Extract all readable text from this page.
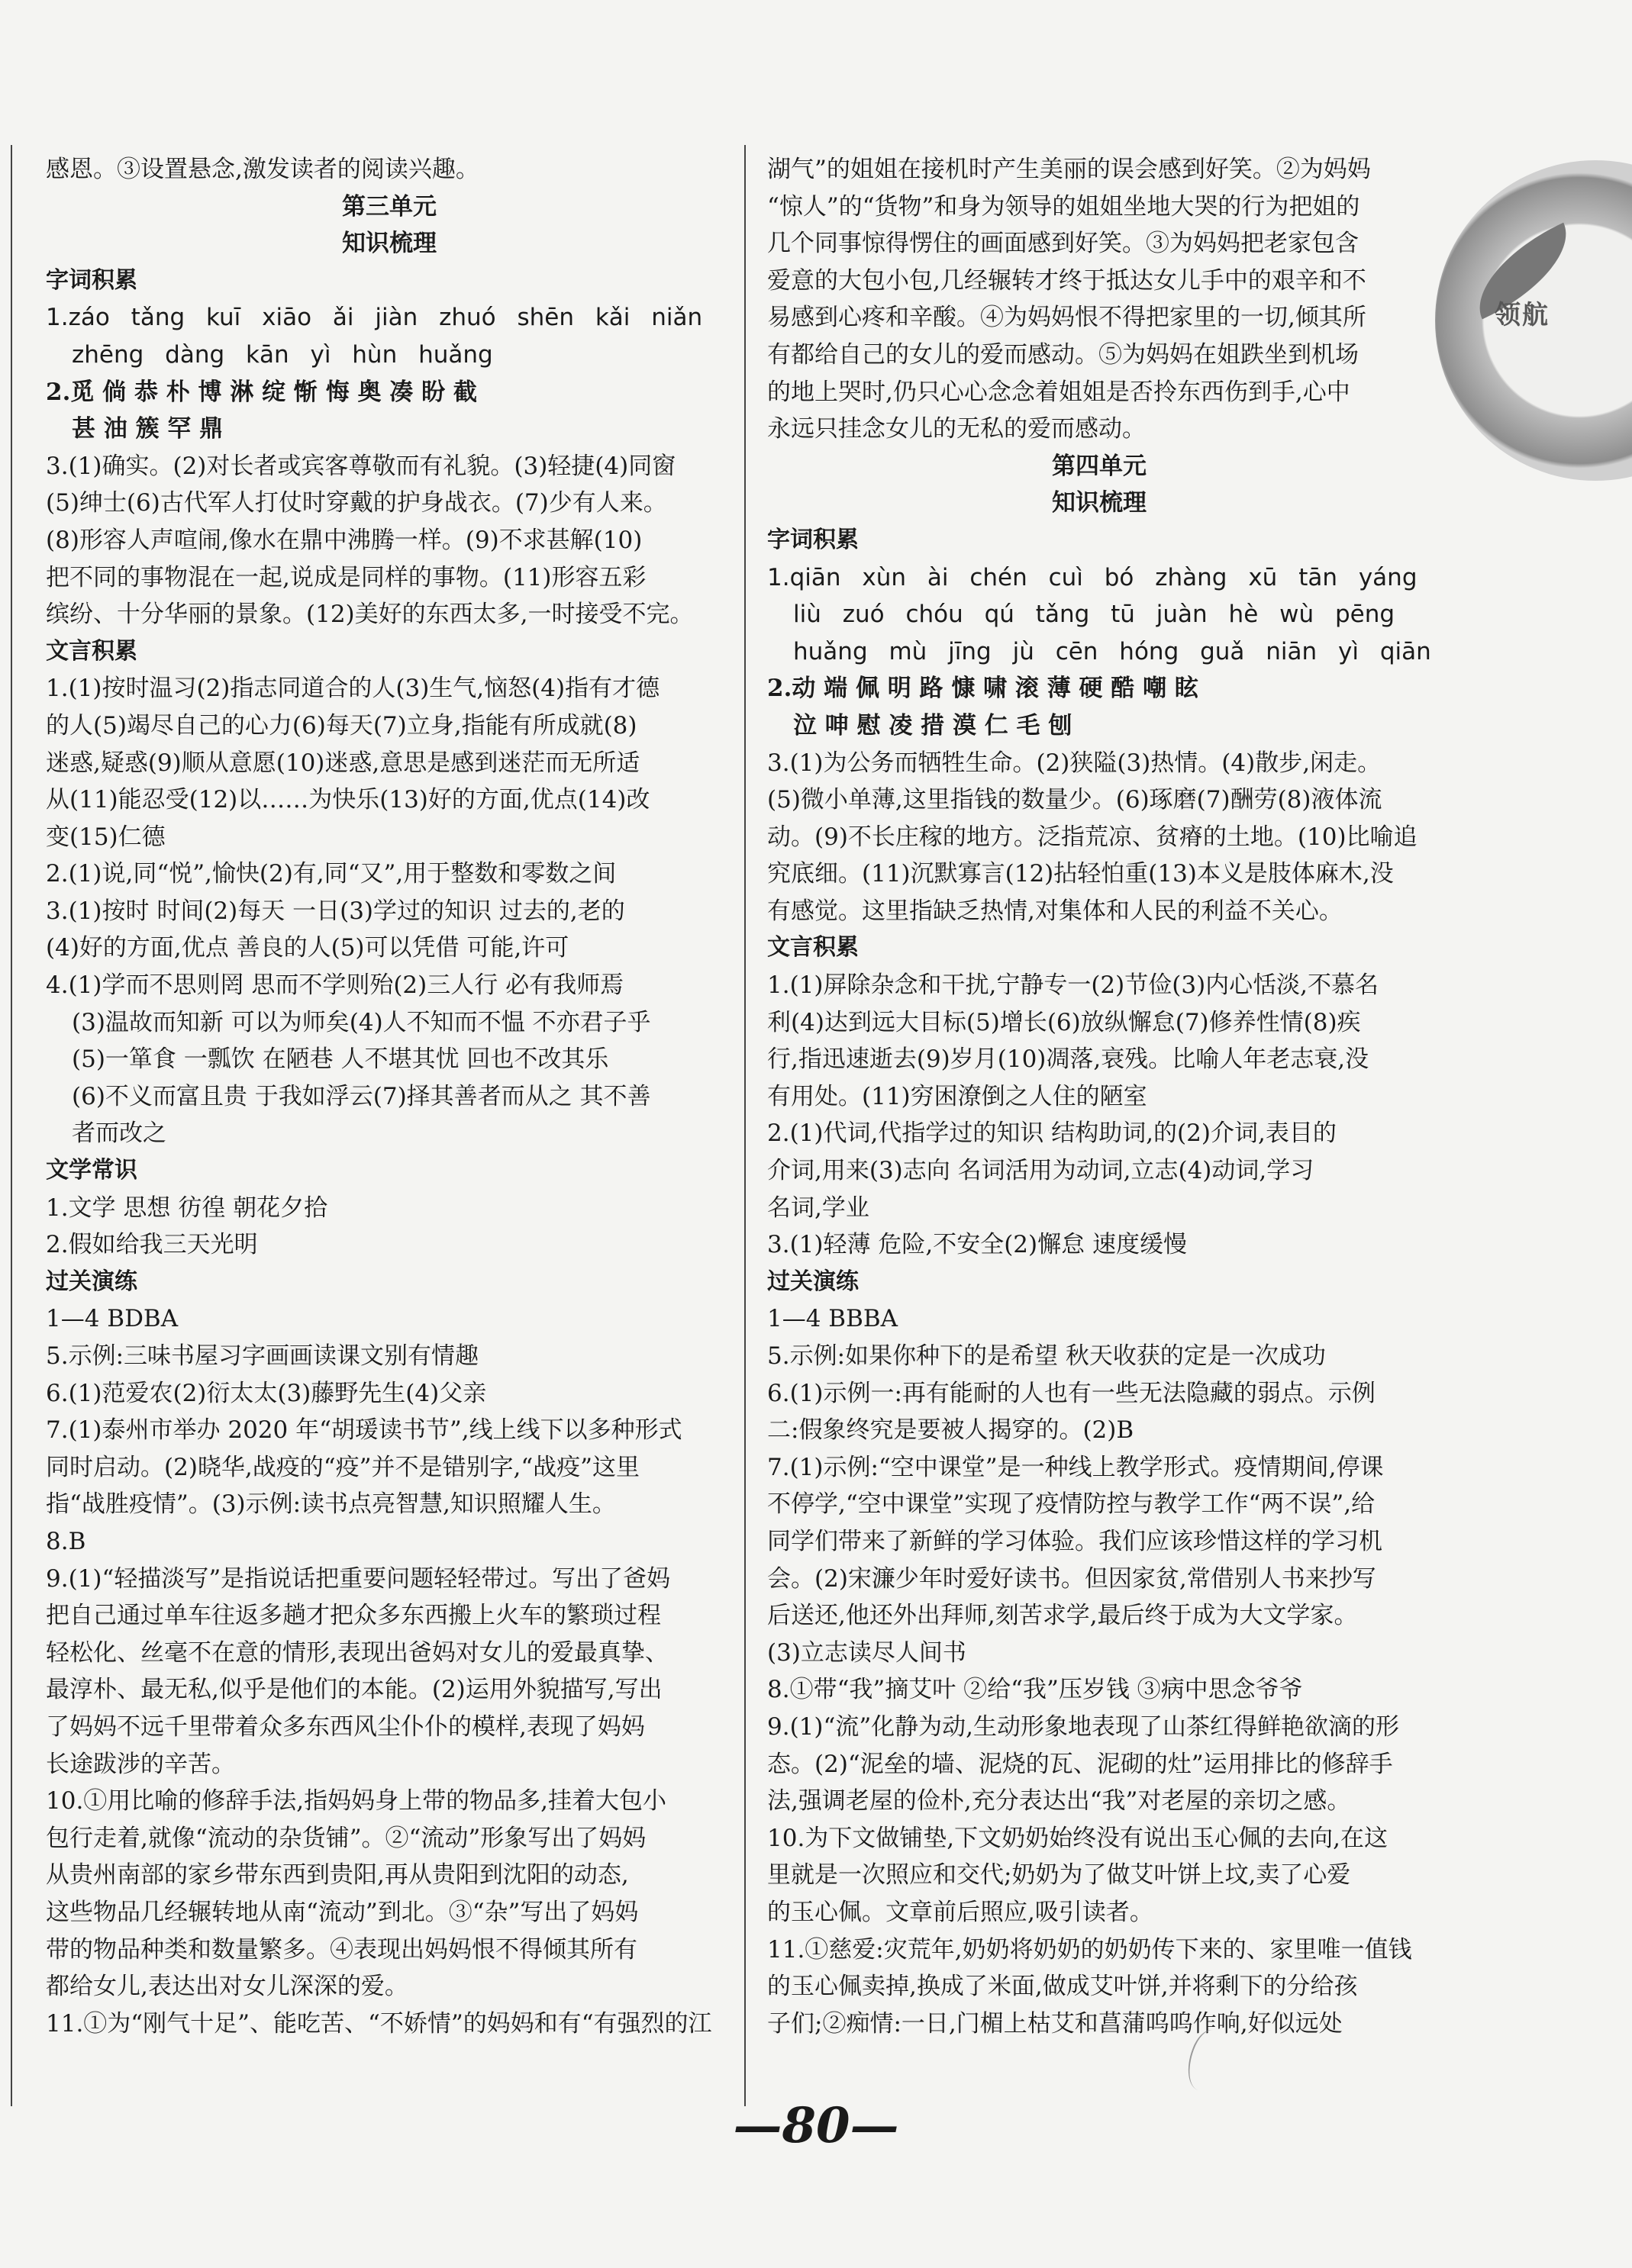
感恩。③设置悬念,激发读者的阅读兴趣。
第三单元
知识梳理
字词积累
1.záo tǎng kuī xiāo ǎi jiàn zhuó shēn kǎi niǎn
zhēng dàng kān yì hùn huǎng
2.觅 倘 恭 朴 博 淋 绽 惭 悔 奥 凑 盼 截
甚 油 簇 罕 鼎
3.(1)确实。(2)对长者或宾客尊敬而有礼貌。(3)轻捷(4)同窗
(5)绅士(6)古代军人打仗时穿戴的护身战衣。(7)少有人来。
(8)形容人声喧闹,像水在鼎中沸腾一样。(9)不求甚解(10)
把不同的事物混在一起,说成是同样的事物。(11)形容五彩
缤纷、十分华丽的景象。(12)美好的东西太多,一时接受不完。
文言积累
1.(1)按时温习(2)指志同道合的人(3)生气,恼怒(4)指有才德
的人(5)竭尽自己的心力(6)每天(7)立身,指能有所成就(8)
迷惑,疑惑(9)顺从意愿(10)迷惑,意思是感到迷茫而无所适
从(11)能忍受(12)以……为快乐(13)好的方面,优点(14)改
变(15)仁德
2.(1)说,同“悦”,愉快(2)有,同“又”,用于整数和零数之间
3.(1)按时 时间(2)每天 一日(3)学过的知识 过去的,老的
(4)好的方面,优点 善良的人(5)可以凭借 可能,许可
4.(1)学而不思则罔 思而不学则殆(2)三人行 必有我师焉
(3)温故而知新 可以为师矣(4)人不知而不愠 不亦君子乎
(5)一箪食 一瓢饮 在陋巷 人不堪其忧 回也不改其乐
(6)不义而富且贵 于我如浮云(7)择其善者而从之 其不善
者而改之
文学常识
1.文学 思想 彷徨 朝花夕拾
2.假如给我三天光明
过关演练
1—4 BDBA
5.示例:三味书屋习字画画读课文别有情趣
6.(1)范爱农(2)衍太太(3)藤野先生(4)父亲
7.(1)泰州市举办 2020 年“胡瑗读书节”,线上线下以多种形式
同时启动。(2)晓华,战疫的“疫”并不是错别字,“战疫”这里
指“战胜疫情”。(3)示例:读书点亮智慧,知识照耀人生。
8.B
9.(1)“轻描淡写”是指说话把重要问题轻轻带过。写出了爸妈
把自己通过单车往返多趟才把众多东西搬上火车的繁琐过程
轻松化、丝毫不在意的情形,表现出爸妈对女儿的爱最真挚、
最淳朴、最无私,似乎是他们的本能。(2)运用外貌描写,写出
了妈妈不远千里带着众多东西风尘仆仆的模样,表现了妈妈
长途跋涉的辛苦。
10.①用比喻的修辞手法,指妈妈身上带的物品多,挂着大包小
包行走着,就像“流动的杂货铺”。②“流动”形象写出了妈妈
从贵州南部的家乡带东西到贵阳,再从贵阳到沈阳的动态,
这些物品几经辗转地从南“流动”到北。③“杂”写出了妈妈
带的物品种类和数量繁多。④表现出妈妈恨不得倾其所有
都给女儿,表达出对女儿深深的爱。
11.①为“刚气十足”、能吃苦、“不娇情”的妈妈和有“有强烈的江
湖气”的姐姐在接机时产生美丽的误会感到好笑。②为妈妈
“惊人”的“货物”和身为领导的姐姐坐地大哭的行为把姐的
几个同事惊得愣住的画面感到好笑。③为妈妈把老家包含
爱意的大包小包,几经辗转才终于抵达女儿手中的艰辛和不
易感到心疼和辛酸。④为妈妈恨不得把家里的一切,倾其所
有都给自己的女儿的爱而感动。⑤为妈妈在姐跌坐到机场
的地上哭时,仍只心心念念着姐姐是否拎东西伤到手,心中
永远只挂念女儿的无私的爱而感动。
第四单元
知识梳理
字词积累
1.qiān xùn ài chén cuì bó zhàng xū tān yáng
liù zuó chóu qú tǎng tū juàn hè wù pēng
huǎng mù jīng jù cēn hóng guǎ niān yì qiān
2.动 端 佩 明 路 慷 啸 滚 薄 硬 酷 嘲 眩
泣 呻 慰 凌 措 漠 仁 毛 刨
3.(1)为公务而牺牲生命。(2)狭隘(3)热情。(4)散步,闲走。
(5)微小单薄,这里指钱的数量少。(6)琢磨(7)酬劳(8)液体流
动。(9)不长庄稼的地方。泛指荒凉、贫瘠的土地。(10)比喻追
究底细。(11)沉默寡言(12)拈轻怕重(13)本义是肢体麻木,没
有感觉。这里指缺乏热情,对集体和人民的利益不关心。
文言积累
1.(1)屏除杂念和干扰,宁静专一(2)节俭(3)内心恬淡,不慕名
利(4)达到远大目标(5)增长(6)放纵懈怠(7)修养性情(8)疾
行,指迅速逝去(9)岁月(10)凋落,衰残。比喻人年老志衰,没
有用处。(11)穷困潦倒之人住的陋室
2.(1)代词,代指学过的知识 结构助词,的(2)介词,表目的
介词,用来(3)志向 名词活用为动词,立志(4)动词,学习
名词,学业
3.(1)轻薄 危险,不安全(2)懈怠 速度缓慢
过关演练
1—4 BBBA
5.示例:如果你种下的是希望 秋天收获的定是一次成功
6.(1)示例一:再有能耐的人也有一些无法隐藏的弱点。示例
二:假象终究是要被人揭穿的。(2)B
7.(1)示例:“空中课堂”是一种线上教学形式。疫情期间,停课
不停学,“空中课堂”实现了疫情防控与教学工作“两不误”,给
同学们带来了新鲜的学习体验。我们应该珍惜这样的学习机
会。(2)宋濂少年时爱好读书。但因家贫,常借别人书来抄写
后送还,他还外出拜师,刻苦求学,最后终于成为大文学家。
(3)立志读尽人间书
8.①带“我”摘艾叶 ②给“我”压岁钱 ③病中思念爷爷
9.(1)“流”化静为动,生动形象地表现了山茶红得鲜艳欲滴的形
态。(2)“泥垒的墙、泥烧的瓦、泥砌的灶”运用排比的修辞手
法,强调老屋的俭朴,充分表达出“我”对老屋的亲切之感。
10.为下文做铺垫,下文奶奶始终没有说出玉心佩的去向,在这
里就是一次照应和交代;奶奶为了做艾叶饼上坟,卖了心爱
的玉心佩。文章前后照应,吸引读者。
11.①慈爱:灾荒年,奶奶将奶奶的奶奶传下来的、家里唯一值钱
的玉心佩卖掉,换成了米面,做成艾叶饼,并将剩下的分给孩
子们;②痴情:一日,门楣上枯艾和菖蒲呜呜作响,好似远处
领航
—80—
